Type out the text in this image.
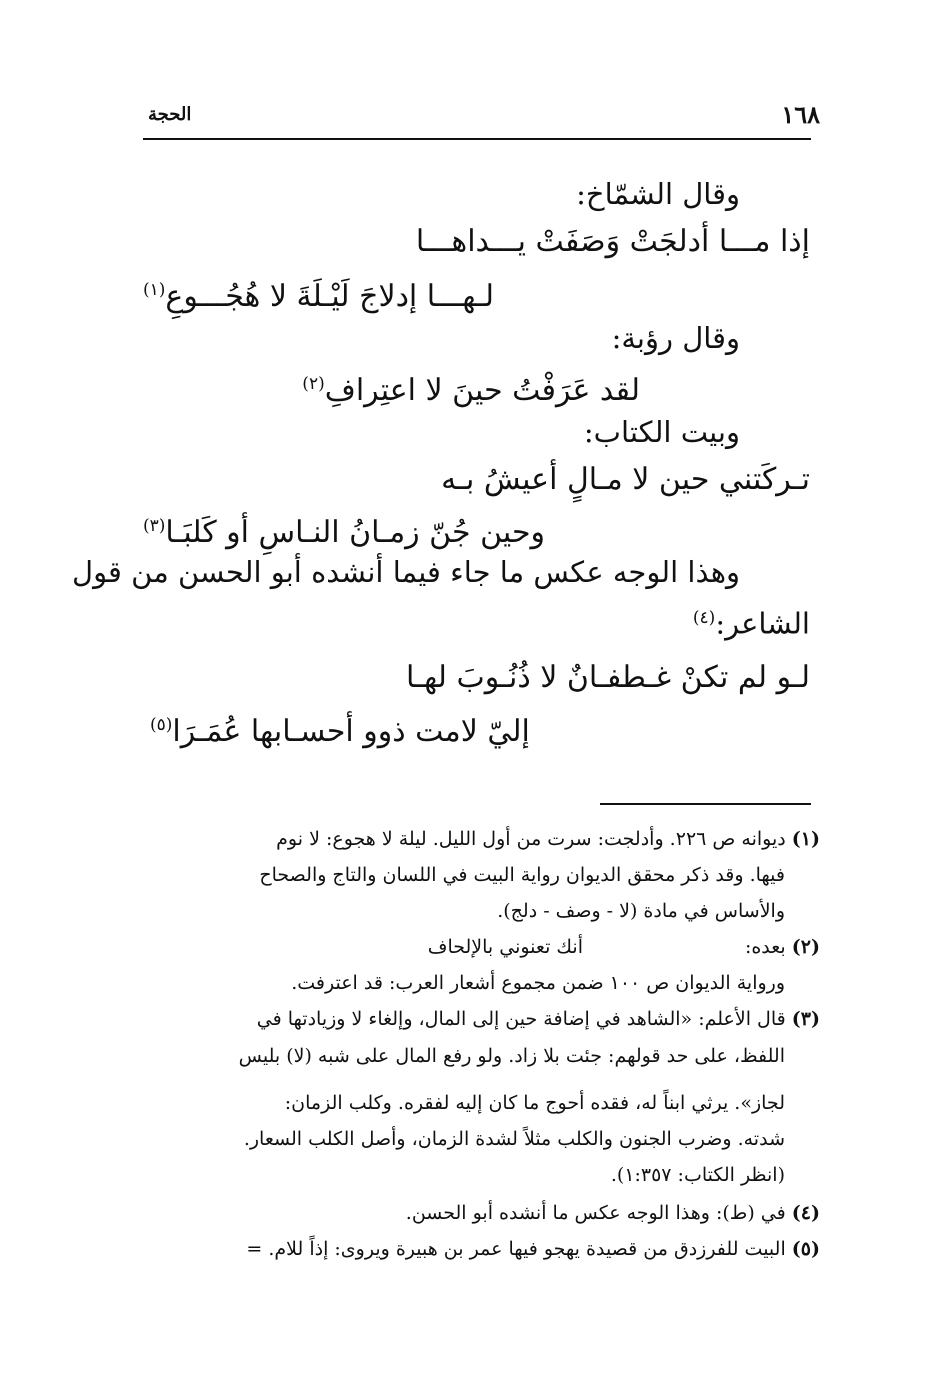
١٦٨
الحجة
وقال الشمّاخ:
إذا مـــا أدلجَتْ وَصَفَتْ يـــداهـــا
لـهـــا إدلاجَ لَيْـلَةَ لا هُجُـــوعِ$^{(١)}$
وقال رؤبة:
لقد عَرَفْتُ حينَ لا اعتِرافِ$^{(٢)}$
وبيت الكتاب:
تـركَتني حين لا مـالٍ أعيشُ بـه
وحين جُنّ زمـانُ النـاسِ أو كَلبَـا$^{(٣)}$
وهذا الوجه عكس ما جاء فيما أنشده أبو الحسن من قول
الشاعر:$^{(٤)}$
لـو لم تكنْ غـطفـانٌ لا ذُنُـوبَ لهـا
إليّ لامت ذوو أحسـابها عُمَـرَا$^{(٥)}$
(١) ديوانه ص ٢٢٦. وأدلجت: سرت من أول الليل. ليلة لا هجوع: لا نوم
فيها. وقد ذكر محقق الديوان رواية البيت في اللسان والتاج والصحاح
والأساس في مادة (لا - وصف - دلج).
(٢) بعده:
أنك تعنوني بالإلحاف
ورواية الديوان ص ١٠٠ ضمن مجموع أشعار العرب: قد اعترفت.
(٣) قال الأعلم: «الشاهد في إضافة حين إلى المال، وإلغاء لا وزيادتها في
اللفظ، على حد قولهم: جئت بلا زاد. ولو رفع المال على شبه (لا) بليس
لجاز». يرثي ابناً له، فقده أحوج ما كان إليه لفقره. وكلب الزمان:
شدته. وضرب الجنون والكلب مثلاً لشدة الزمان، وأصل الكلب السعار.
(انظر الكتاب: ١:٣٥٧).
(٤) في (ط): وهذا الوجه عكس ما أنشده أبو الحسن.
(٥) البيت للفرزدق من قصيدة يهجو فيها عمر بن هبيرة ويروى: إذاً للام. =
